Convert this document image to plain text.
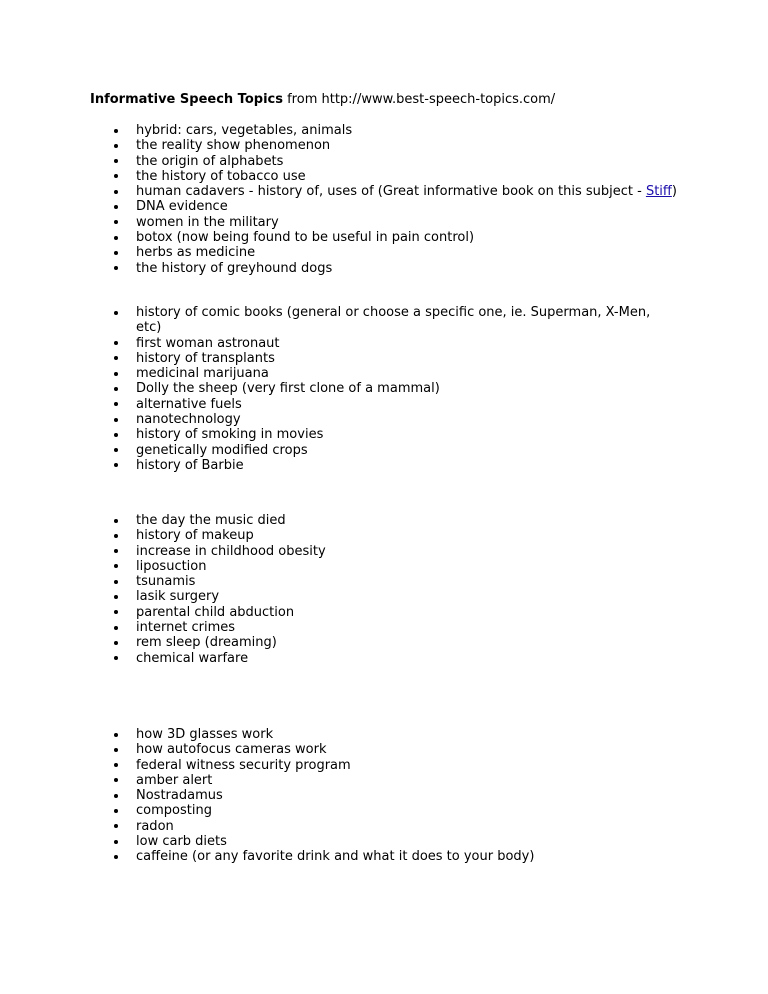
Informative Speech Topics from http://www.best-speech-topics.com/
hybrid: cars, vegetables, animals
the reality show phenomenon
the origin of alphabets
the history of tobacco use
human cadavers - history of, uses of (Great informative book on this subject - Stiff)
DNA evidence
women in the military
botox (now being found to be useful in pain control)
herbs as medicine
the history of greyhound dogs
history of comic books (general or choose a specific one, ie. Superman, X-Men, etc)
first woman astronaut
history of transplants
medicinal marijuana
Dolly the sheep (very first clone of a mammal)
alternative fuels
nanotechnology
history of smoking in movies
genetically modified crops
history of Barbie
the day the music died
history of makeup
increase in childhood obesity
liposuction
tsunamis
lasik surgery
parental child abduction
internet crimes
rem sleep (dreaming)
chemical warfare
how 3D glasses work
how autofocus cameras work
federal witness security program
amber alert
Nostradamus
composting
radon
low carb diets
caffeine (or any favorite drink and what it does to your body)
